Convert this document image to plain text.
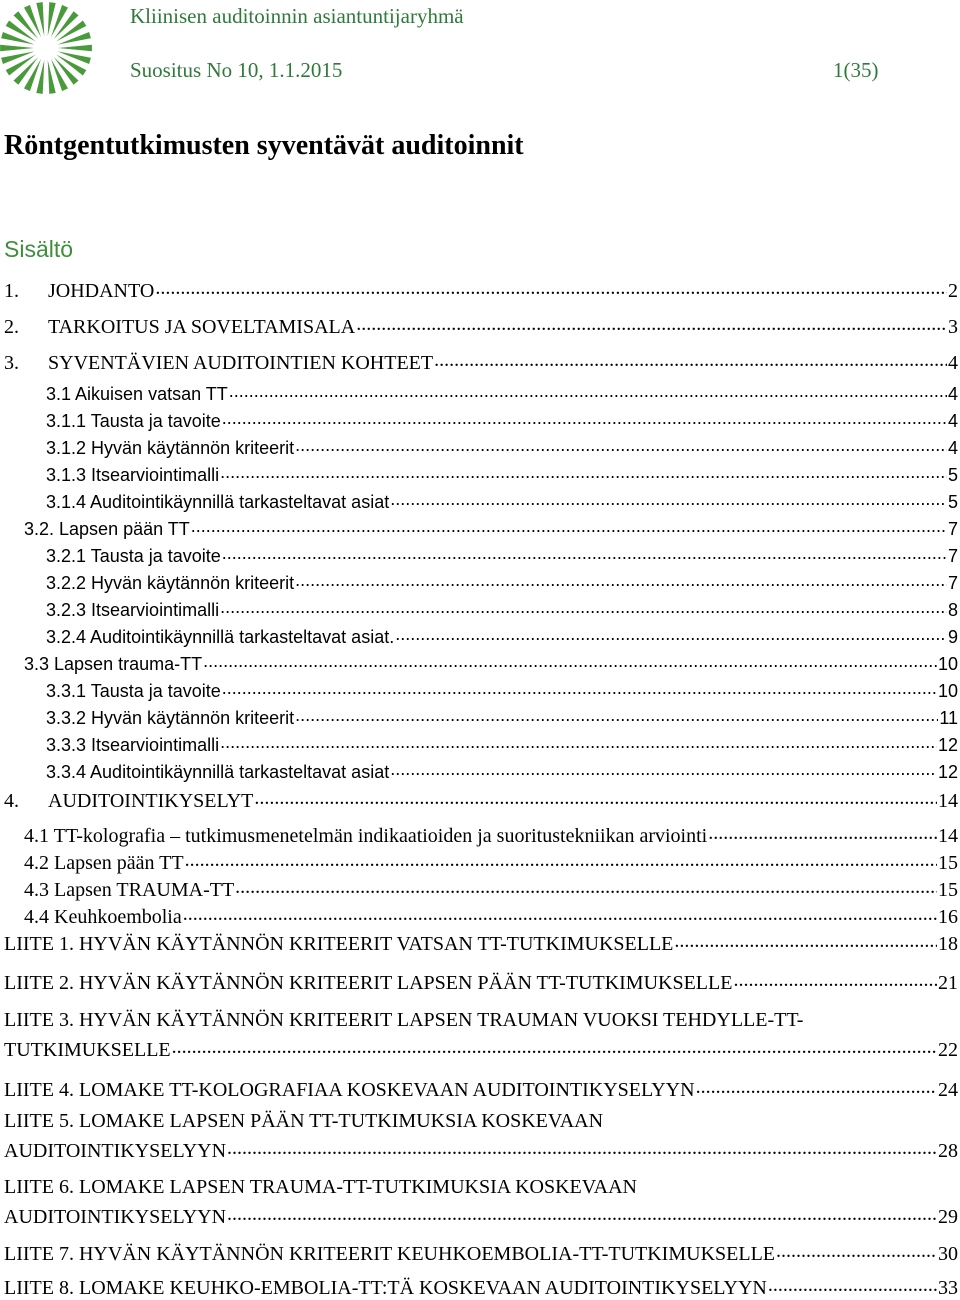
Kliinisen auditoinnin asiantuntijaryhmä
Suositus No 10, 1.1.2015	1(35)
Röntgentutkimusten syventävät auditoinnit
Sisältö
1.	JOHDANTO .....	2
2.	TARKOITUS JA SOVELTAMISALA .....	3
3.	SYVENTÄVIEN AUDITOINTIEN KOHTEET .....	4
3.1 Aikuisen vatsan TT .....	4
3.1.1 Tausta ja tavoite .....	4
3.1.2 Hyvän käytännön kriteerit .....	4
3.1.3 Itsearviointimalli .....	5
3.1.4 Auditointikäynnillä tarkasteltavat asiat .....	5
3.2. Lapsen pään TT .....	7
3.2.1 Tausta ja tavoite .....	7
3.2.2 Hyvän käytännön kriteerit .....	7
3.2.3 Itsearviointimalli .....	8
3.2.4 Auditointikäynnillä tarkasteltavat asiat. .....	9
3.3 Lapsen trauma-TT .....	10
3.3.1 Tausta ja tavoite .....	10
3.3.2 Hyvän käytännön kriteerit .....	11
3.3.3 Itsearviointimalli .....	12
3.3.4 Auditointikäynnillä tarkasteltavat asiat .....	12
4.	AUDITOINTIKYSELYT .....	14
4.1 TT-kolografia – tutkimusmenetelmän indikaatioiden ja suoritustekniikan arviointi .....	14
4.2 Lapsen pään TT .....	15
4.3 Lapsen TRAUMA-TT .....	15
4.4 Keuhkoembolia .....	16
LIITE 1. HYVÄN KÄYTÄNNÖN KRITEERIT VATSAN TT-TUTKIMUKSELLE .....	18
LIITE 2. HYVÄN KÄYTÄNNÖN KRITEERIT LAPSEN PÄÄN TT-TUTKIMUKSELLE .....	21
LIITE 3. HYVÄN KÄYTÄNNÖN KRITEERIT LAPSEN TRAUMAN VUOKSI TEHDYLLE-TT-
TUTKIMUKSELLE .....	22
LIITE 4. LOMAKE TT-KOLOGRAFIAA KOSKEVAAN AUDITOINTIKYSELYYN .....	24
LIITE 5. LOMAKE LAPSEN PÄÄN TT-TUTKIMUKSIA KOSKEVAAN
AUDITOINTIKYSELYYN .....	28
LIITE 6. LOMAKE LAPSEN TRAUMA-TT-TUTKIMUKSIA KOSKEVAAN
AUDITOINTIKYSELYYN .....	29
LIITE 7. HYVÄN KÄYTÄNNÖN KRITEERIT KEUHKOEMBOLIA-TT-TUTKIMUKSELLE .....	30
LIITE 8. LOMAKE KEUHKO-EMBOLIA-TT:TÄ KOSKEVAAN AUDITOINTIKYSELYYN .....	33
